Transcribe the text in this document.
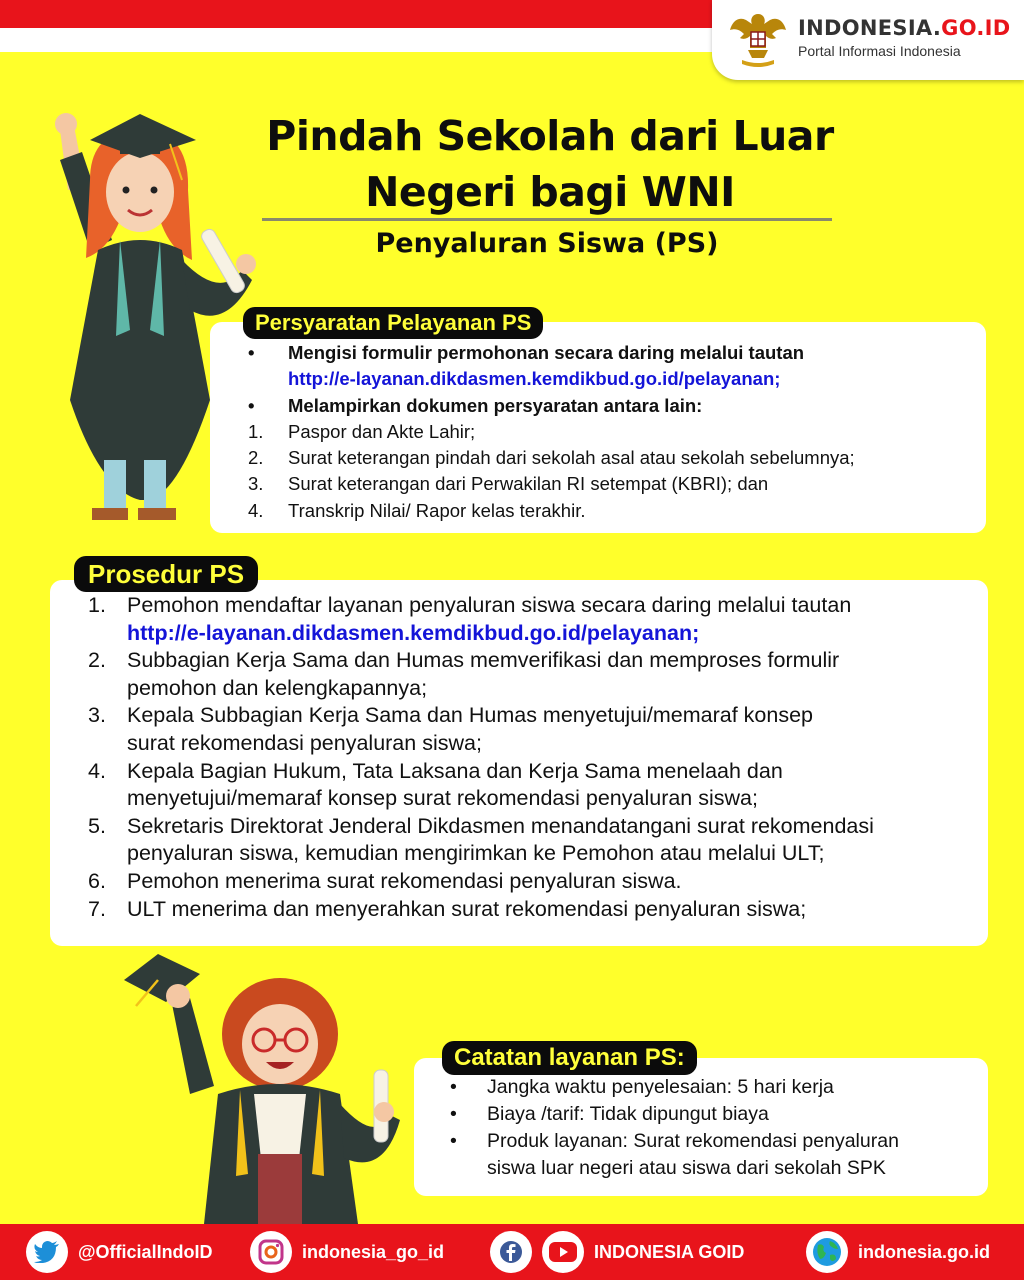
INDONESIA.GO.ID
Portal Informasi Indonesia
Pindah Sekolah dari Luar
Negeri bagi WNI
Penyaluran Siswa (PS)
Persyaratan Pelayanan PS
•	Mengisi formulir permohonan secara daring melalui tautan
http://e-layanan.dikdasmen.kemdikbud.go.id/pelayanan;
•	Melampirkan dokumen persyaratan antara lain:
1.	Paspor dan Akte Lahir;
2.	Surat keterangan pindah dari sekolah asal atau sekolah sebelumnya;
3.	Surat keterangan dari Perwakilan RI setempat (KBRI); dan
4.	Transkrip Nilai/ Rapor kelas terakhir.
Prosedur PS
1. Pemohon mendaftar layanan penyaluran siswa secara daring melalui tautan
http://e-layanan.dikdasmen.kemdikbud.go.id/pelayanan;
2. Subbagian Kerja Sama dan Humas memverifikasi dan memproses formulir
pemohon dan kelengkapannya;
3. Kepala Subbagian Kerja Sama dan Humas menyetujui/memaraf konsep
surat rekomendasi penyaluran siswa;
4. Kepala Bagian Hukum, Tata Laksana dan Kerja Sama menelaah dan
menyetujui/memaraf konsep surat rekomendasi penyaluran siswa;
5. Sekretaris Direktorat Jenderal Dikdasmen menandatangani surat rekomendasi
penyaluran siswa, kemudian mengirimkan ke Pemohon atau melalui ULT;
6. Pemohon menerima surat rekomendasi penyaluran siswa.
7. ULT menerima dan menyerahkan surat rekomendasi penyaluran siswa;
Catatan layanan PS:
•	Jangka waktu penyelesaian: 5 hari kerja
•	Biaya /tarif: Tidak dipungut biaya
•	Produk layanan: Surat rekomendasi penyaluran
siswa luar negeri atau siswa dari sekolah SPK
@OfficialIndoID	indonesia_go_id	INDONESIA GOID	indonesia.go.id
